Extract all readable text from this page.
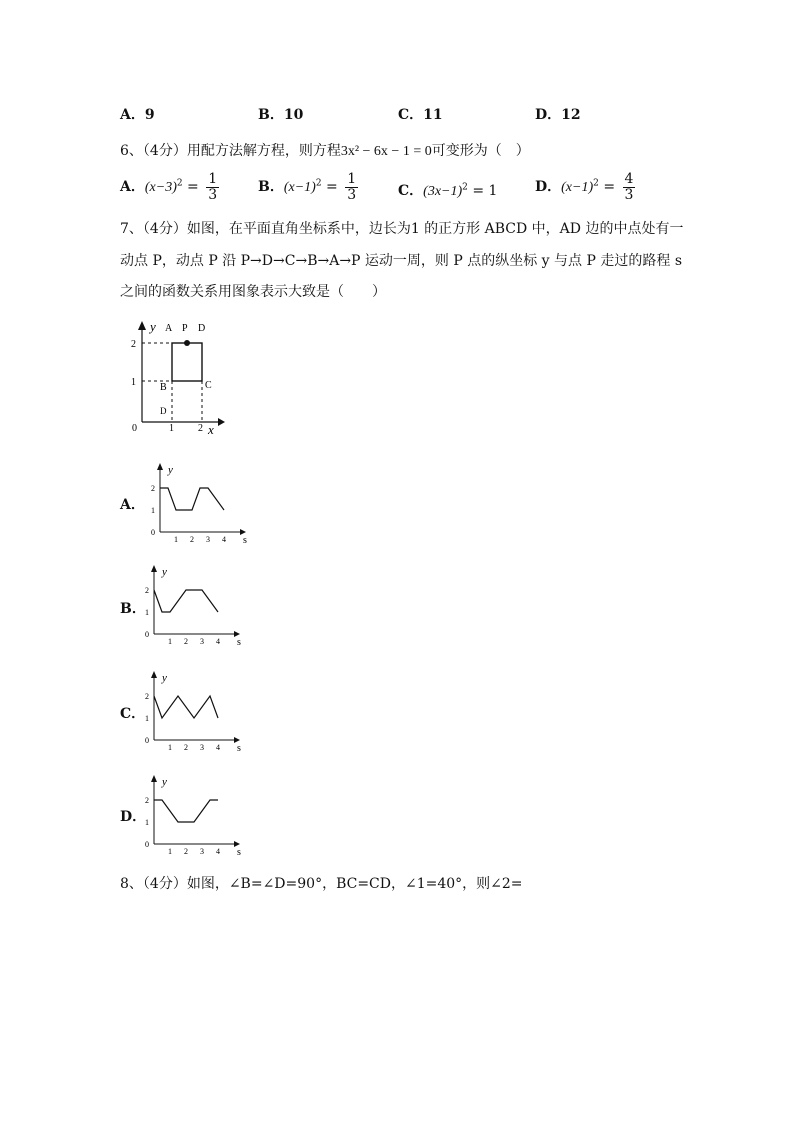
A．9	B．10	C．11	D．12
6、（4分）用配方法解方程，则方程3x² − 6x − 1 = 0可变形为（　）
A．$(x-3)^2 = \frac{1}{3}$	B．$(x-1)^2 = \frac{1}{3}$	C．$(3x-1)^2 = 1$	D．$(x-1)^2 = \frac{4}{3}$
7、（4分）如图，在平面直角坐标系中，边长为1 的正方形 ABCD 中，AD 边的中点处有一
动点 P，动点 P 沿 P→D→C→B→A→P 运动一周，则 P 点的纵坐标 y 与点 P 走过的路程 s
之间的函数关系用图象表示大致是（　　）
y A P D
B	C
D
2
1
0	1 2 x
A．
B．
C．
D．
y
s
0
1
2
1 2 3 4
y
s
0
1
2
1 2 3 4
y
s
0
1
2
1 2 3 4
y
s
0
1
2
1 2 3 4
8、（4分）如图，∠B=∠D=90°，BC=CD，∠1=40°，则∠2=
